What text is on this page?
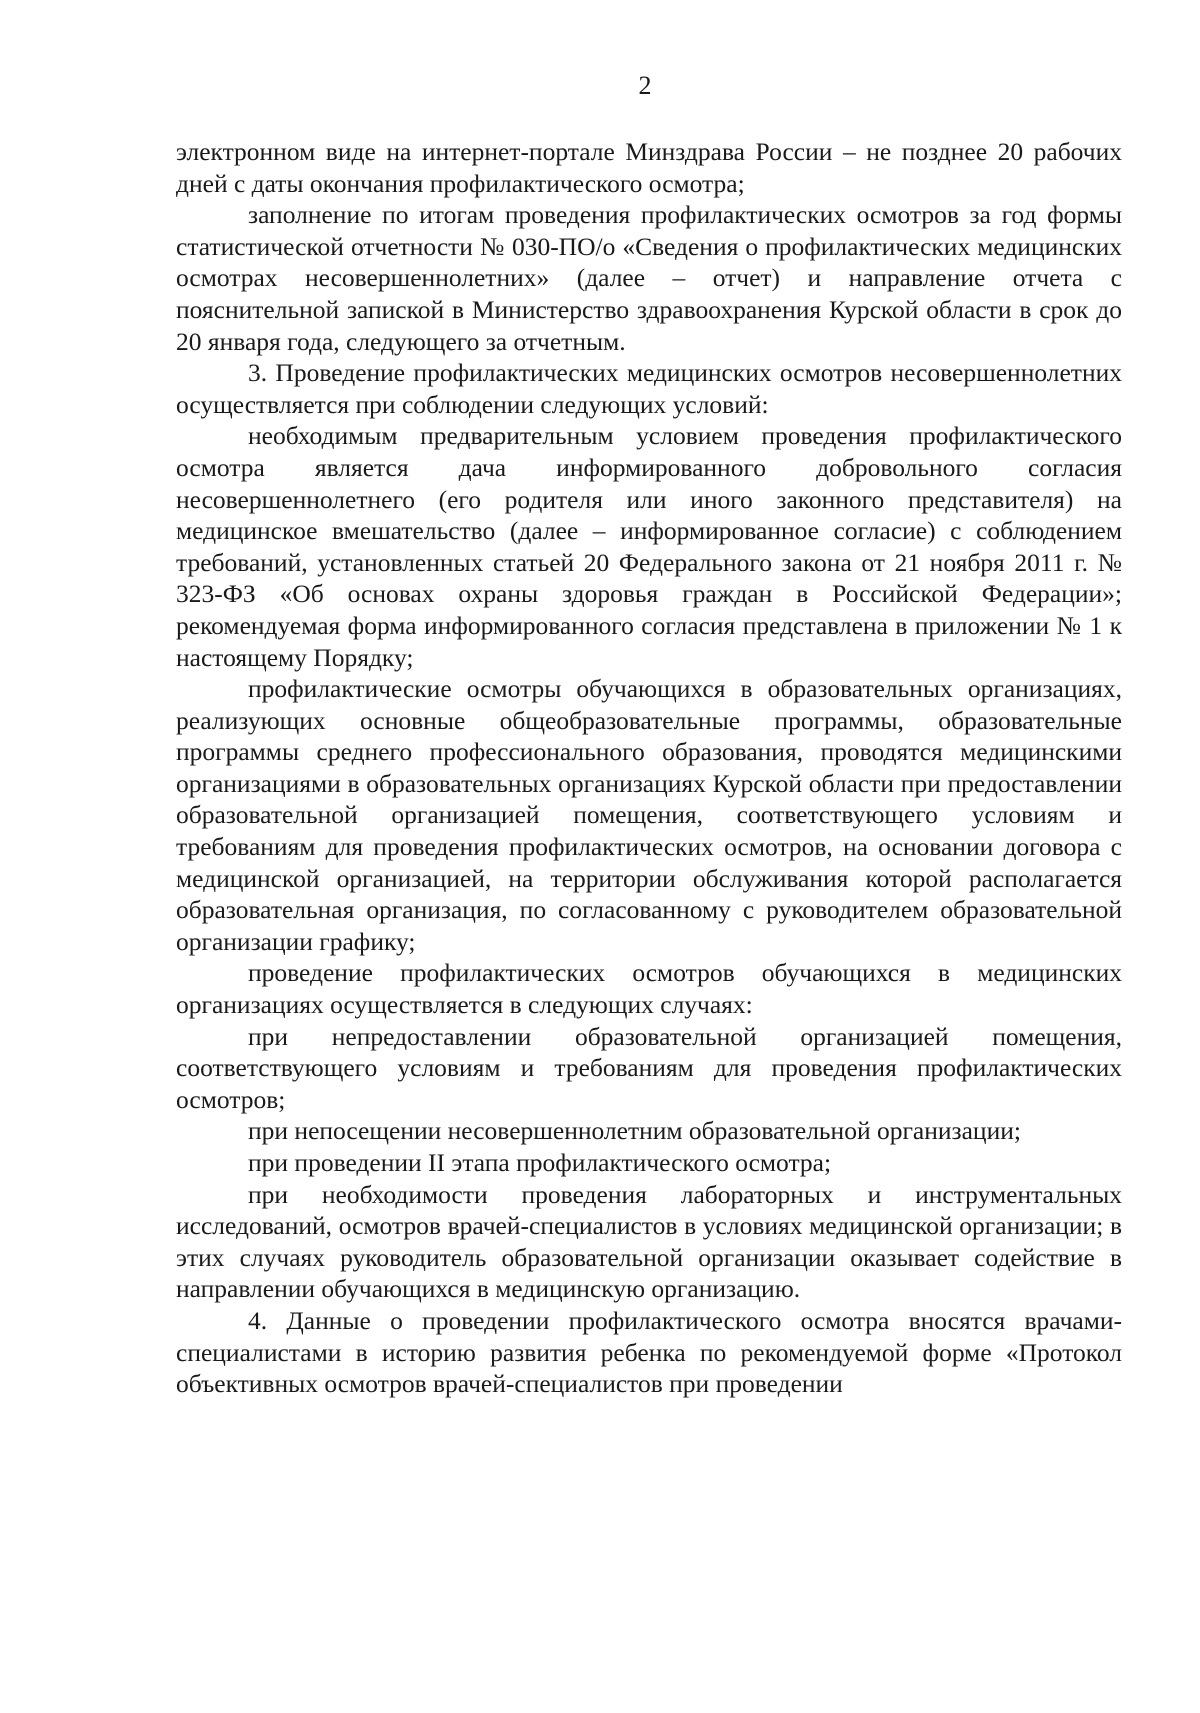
2

электронном виде на интернет-портале Минздрава России – не позднее 20 рабочих дней с даты окончания профилактического осмотра;

заполнение по итогам проведения профилактических осмотров за год формы статистической отчетности № 030-ПО/о «Сведения о профилактических медицинских осмотрах несовершеннолетних» (далее – отчет) и направление отчета с пояснительной запиской в Министерство здравоохранения Курской области в срок до 20 января года, следующего за отчетным.

3. Проведение профилактических медицинских осмотров несовершеннолетних осуществляется при соблюдении следующих условий:

необходимым предварительным условием проведения профилактического осмотра является дача информированного добровольного согласия несовершеннолетнего (его родителя или иного законного представителя) на медицинское вмешательство (далее – информированное согласие) с соблюдением требований, установленных статьей 20 Федерального закона от 21 ноября 2011 г. № 323-ФЗ «Об основах охраны здоровья граждан в Российской Федерации»; рекомендуемая форма информированного согласия представлена в приложении № 1 к настоящему Порядку;

профилактические осмотры обучающихся в образовательных организациях, реализующих основные общеобразовательные программы, образовательные программы среднего профессионального образования, проводятся медицинскими организациями в образовательных организациях Курской области при предоставлении образовательной организацией помещения, соответствующего условиям и требованиям для проведения профилактических осмотров, на основании договора с медицинской организацией, на территории обслуживания которой располагается образовательная организация, по согласованному с руководителем образовательной организации графику;

проведение профилактических осмотров обучающихся в медицинских организациях осуществляется в следующих случаях:

при непредоставлении образовательной организацией помещения, соответствующего условиям и требованиям для проведения профилактических осмотров;

при непосещении несовершеннолетним образовательной организации;

при проведении II этапа профилактического осмотра;

при необходимости проведения лабораторных и инструментальных исследований, осмотров врачей-специалистов в условиях медицинской организации; в этих случаях руководитель образовательной организации оказывает содействие в направлении обучающихся в медицинскую организацию.

4. Данные о проведении профилактического осмотра вносятся врачами-специалистами в историю развития ребенка по рекомендуемой форме «Протокол объективных осмотров врачей-специалистов при проведении
